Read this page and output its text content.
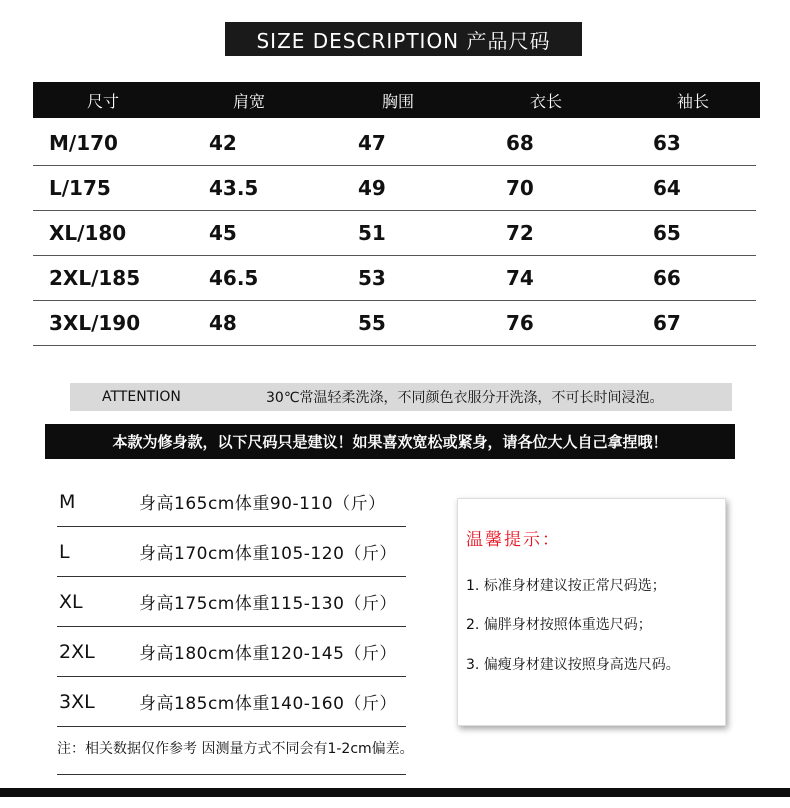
SIZE DESCRIPTION 产品尺码
尺寸	肩宽	胸围	衣长	袖长
M/170	42	47	68	63
L/175	43.5	49	70	64
XL/180	45	51	72	65
2XL/185	46.5	53	74	66
3XL/190	48	55	76	67
ATTENTION	30℃常温轻柔洗涤，不同颜色衣服分开洗涤，不可长时间浸泡。
本款为修身款，以下尺码只是建议！如果喜欢宽松或紧身，请各位大人自己拿捏哦！
M	身高165cm体重90-110（斤）
L	身高170cm体重105-120（斤）
XL	身高175cm体重115-130（斤）
2XL	身高180cm体重120-145（斤）
3XL	身高185cm体重140-160（斤）
注：相关数据仅作参考 因测量方式不同会有1-2cm偏差。
温馨提示：
1. 标准身材建议按正常尺码选；
2. 偏胖身材按照体重选尺码；
3. 偏瘦身材建议按照身高选尺码。
